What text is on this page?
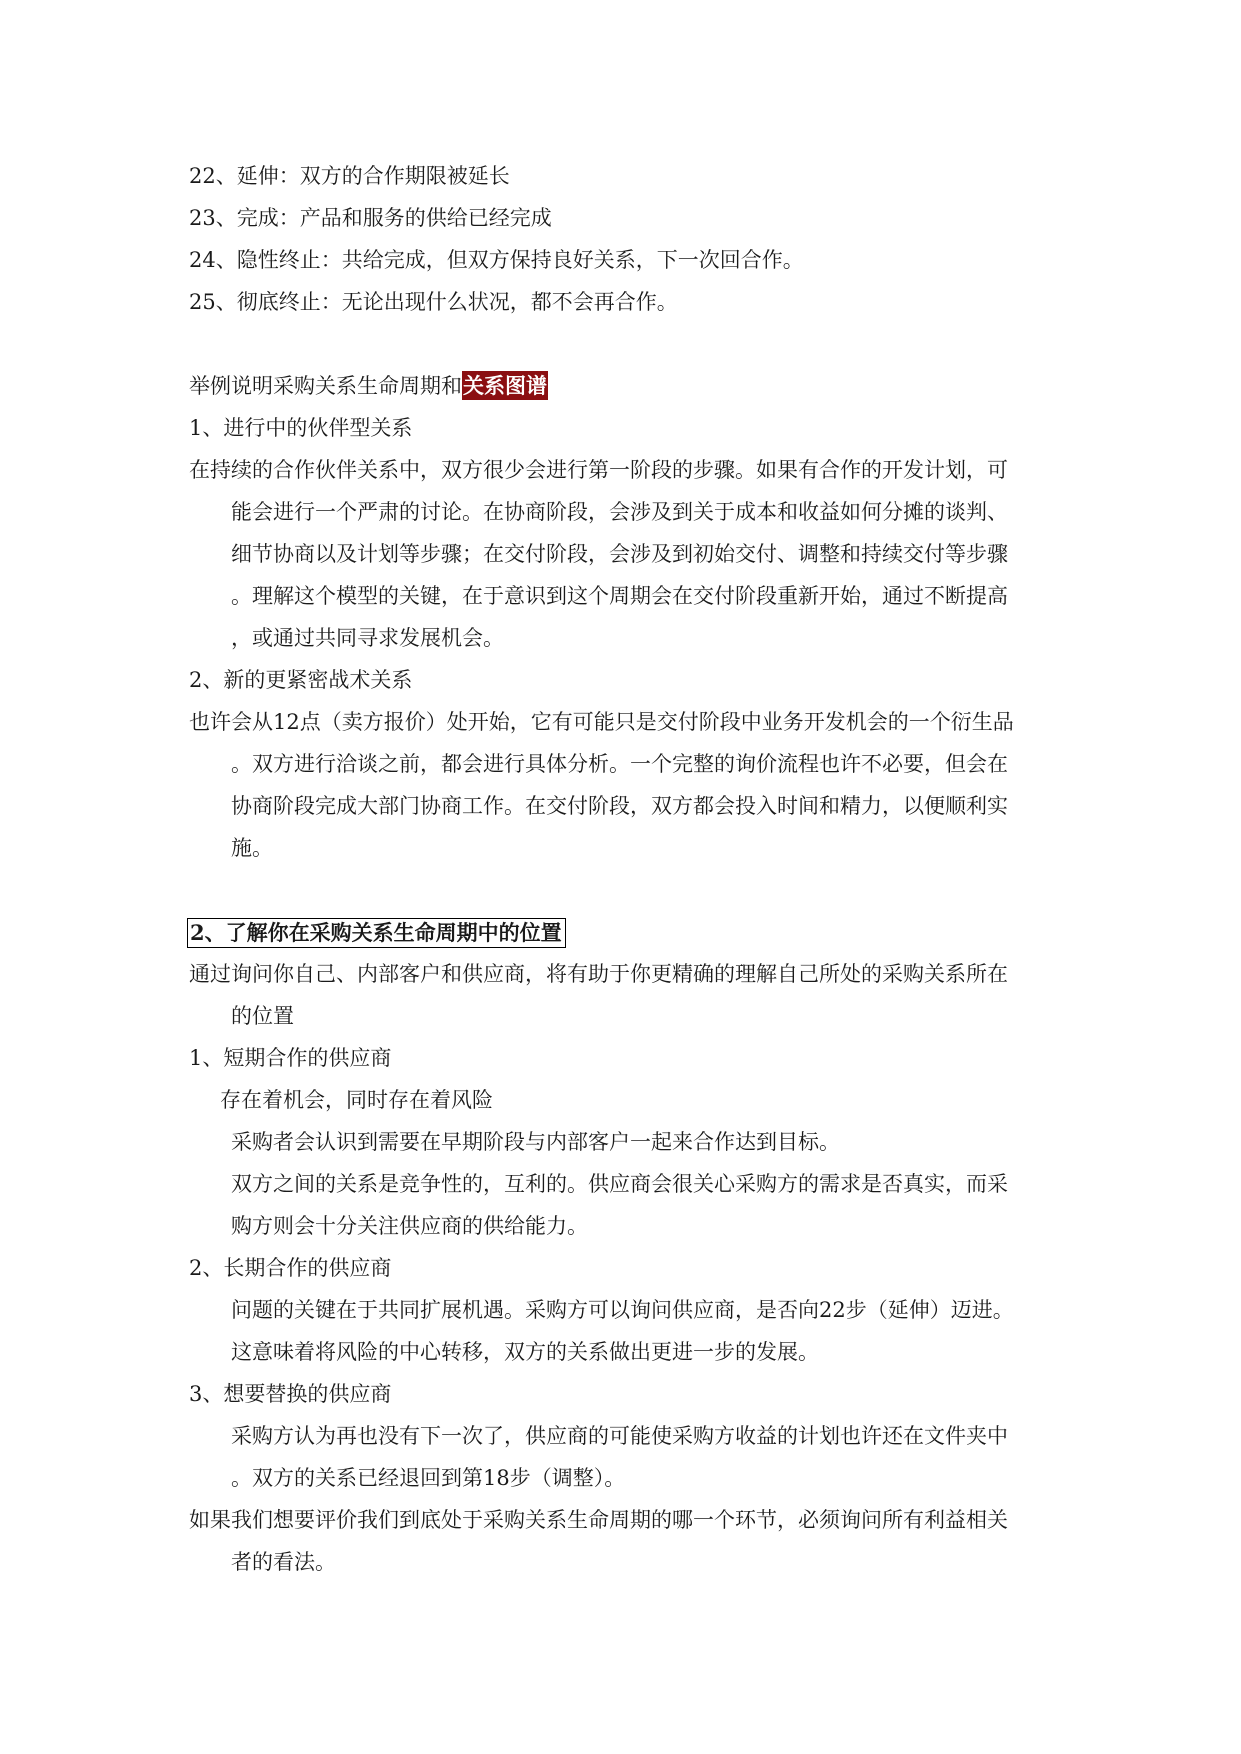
22、延伸：双方的合作期限被延长
23、完成：产品和服务的供给已经完成
24、隐性终止：共给完成，但双方保持良好关系，下一次回合作。
25、彻底终止：无论出现什么状况，都不会再合作。
举例说明采购关系生命周期和关系图谱
1、进行中的伙伴型关系
在持续的合作伙伴关系中，双方很少会进行第一阶段的步骤。如果有合作的开发计划，可
能会进行一个严肃的讨论。在协商阶段，会涉及到关于成本和收益如何分摊的谈判、
细节协商以及计划等步骤；在交付阶段，会涉及到初始交付、调整和持续交付等步骤
。理解这个模型的关键，在于意识到这个周期会在交付阶段重新开始，通过不断提高
，或通过共同寻求发展机会。
2、新的更紧密战术关系
也许会从12点（卖方报价）处开始，它有可能只是交付阶段中业务开发机会的一个衍生品
。双方进行洽谈之前，都会进行具体分析。一个完整的询价流程也许不必要，但会在
协商阶段完成大部门协商工作。在交付阶段，双方都会投入时间和精力，以便顺利实
施。
2、了解你在采购关系生命周期中的位置
通过询问你自己、内部客户和供应商，将有助于你更精确的理解自己所处的采购关系所在
的位置
1、短期合作的供应商
存在着机会，同时存在着风险
采购者会认识到需要在早期阶段与内部客户一起来合作达到目标。
双方之间的关系是竞争性的，互利的。供应商会很关心采购方的需求是否真实，而采
购方则会十分关注供应商的供给能力。
2、长期合作的供应商
问题的关键在于共同扩展机遇。采购方可以询问供应商，是否向22步（延伸）迈进。
这意味着将风险的中心转移，双方的关系做出更进一步的发展。
3、想要替换的供应商
采购方认为再也没有下一次了，供应商的可能使采购方收益的计划也许还在文件夹中
。双方的关系已经退回到第18步（调整）。
如果我们想要评价我们到底处于采购关系生命周期的哪一个环节，必须询问所有利益相关
者的看法。
